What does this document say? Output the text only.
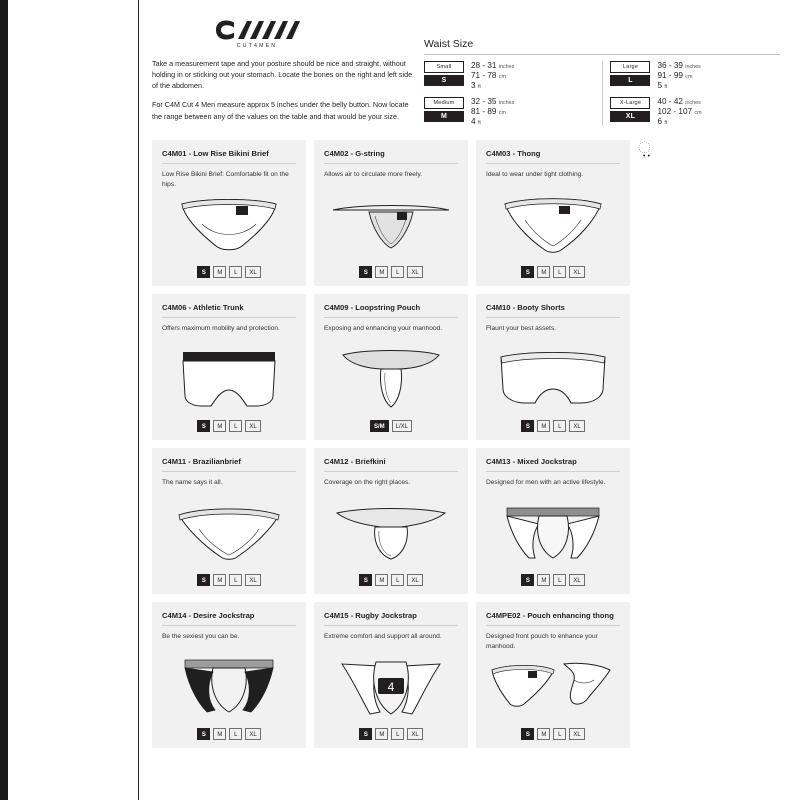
CUT4MEN

Take a measurement tape and your posture should be nice and straight, without holding in or sticking out your stomach. Locate the bones on the right and left side of the abdomen.

For C4M Cut 4 Men measure approx 5 inches under the belly button. Now locate the range between any of the values on the table and that would be your size.

Waist Size
Small
S
28 - 31 inches
71 - 78 cm
3 ft
Medium
M
32 - 35 inches
81 - 89 cm
4 ft
Large
L
36 - 39 inches
91 - 99 cm
5 ft
X-Large
XL
40 - 42 inches
102 - 107 cm
6 ft
C4M01 - Low Rise Bikini Brief
Low Rise Bikini Brief: Comfortable fit on the hips.
S	M	L	XL
C4M02 - G-string
Allows air to circulate more freely.
S	M	L	XL
C4M03 - Thong
Ideal to wear under tight clothing.
S	M	L	XL
಼
C4M06 - Athletic Trunk
Offers maximum mobility and protection.
S	M	L	XL
C4M09 - Loopstring Pouch
Exposing and enhancing your manhood.
S/M	L/XL
C4M10 - Booty Shorts
Flaunt your best assets.
S	M	L	XL
C4M11 - Brazilianbrief
The name says it all.
S	M	L	XL
C4M12 - Briefkini
Coverage on the right places.
S	M	L	XL
C4M13 - Mixed Jockstrap
Designed for men with an active lifestyle.
S	M	L	XL
C4M14 - Desire Jockstrap
Be the sexiest you can be.
S	M	L	XL
C4M15 - Rugby Jockstrap
Extreme comfort and support all around.
4
S	M	L	XL
C4MPE02 - Pouch enhancing thong
Designed front pouch to enhance your manhood.
S	M	L	XL
